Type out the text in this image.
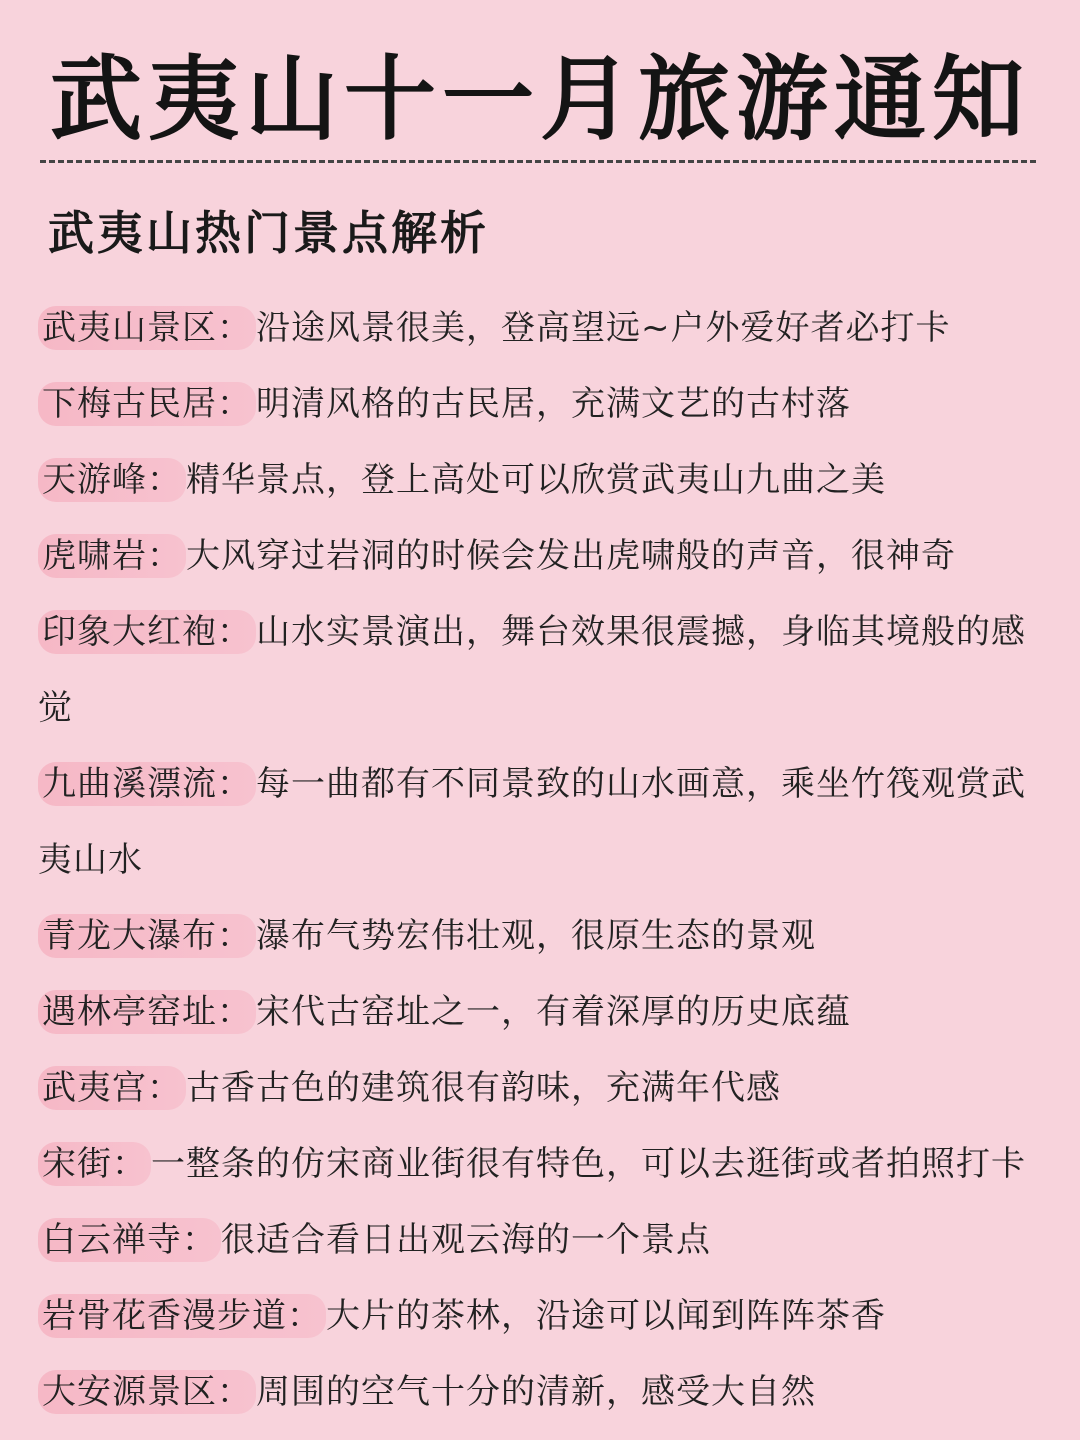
武夷山十一月旅游通知
武夷山热门景点解析
武夷山景区： 沿途风景很美，登高望远~户外爱好者必打卡
下梅古民居： 明清风格的古民居，充满文艺的古村落
天游峰： 精华景点，登上高处可以欣赏武夷山九曲之美
虎啸岩： 大风穿过岩洞的时候会发出虎啸般的声音，很神奇
印象大红袍： 山水实景演出，舞台效果很震撼，身临其境般的感觉
九曲溪漂流： 每一曲都有不同景致的山水画意，乘坐竹筏观赏武夷山水
青龙大瀑布： 瀑布气势宏伟壮观，很原生态的景观
遇林亭窑址： 宋代古窑址之一，有着深厚的历史底蕴
武夷宫： 古香古色的建筑很有韵味，充满年代感
宋街： 一整条的仿宋商业街很有特色，可以去逛街或者拍照打卡
白云禅寺： 很适合看日出观云海的一个景点
岩骨花香漫步道： 大片的茶林，沿途可以闻到阵阵茶香
大安源景区： 周围的空气十分的清新，感受大自然
